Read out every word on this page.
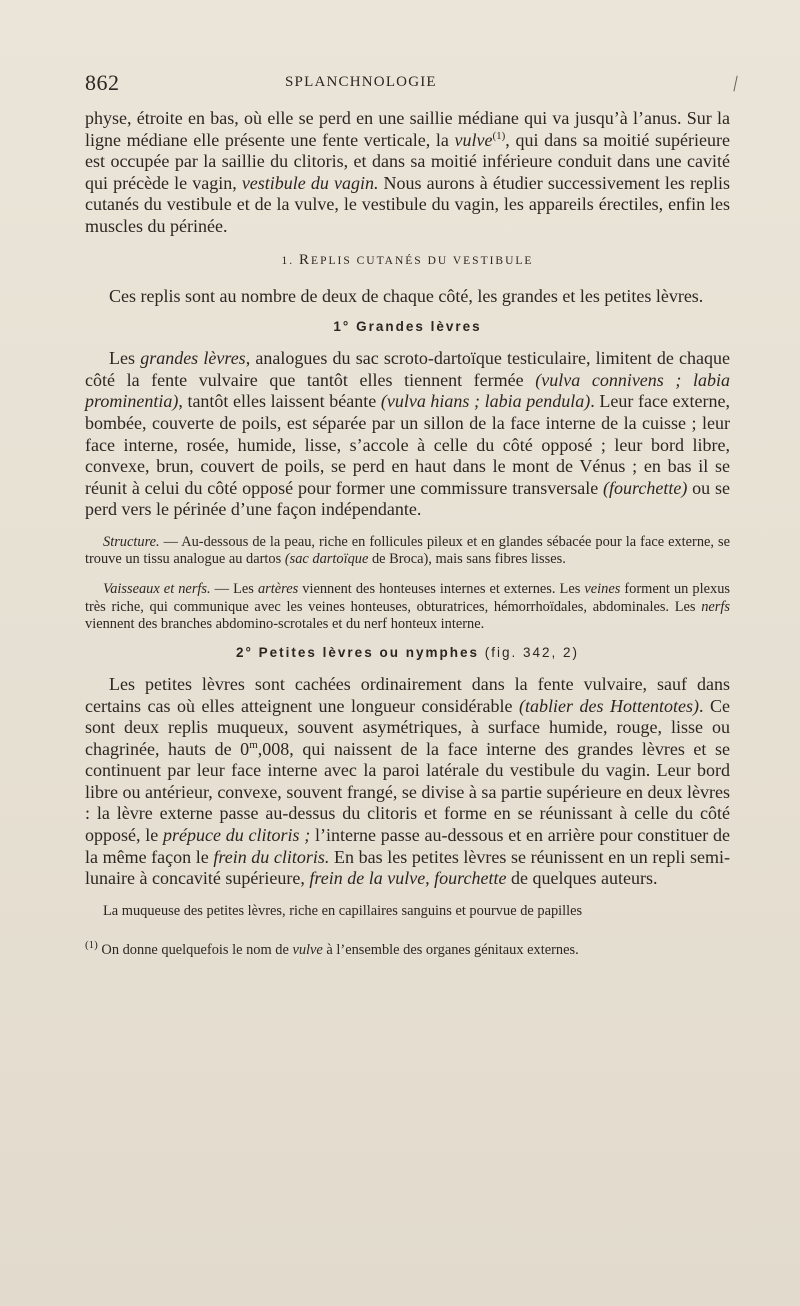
862	SPLANCHNOLOGIE

physe, étroite en bas, où elle se perd en une saillie médiane qui va jusqu’à l’anus. Sur la ligne médiane elle présente une fente verticale, la vulve$^{(1)}$, qui dans sa moitié supérieure est occupée par la saillie du clitoris, et dans sa moitié inférieure conduit dans une cavité qui précède le vagin, vestibule du vagin. Nous aurons à étudier successivement les replis cutanés du vestibule et de la vulve, le vestibule du vagin, les appareils érectiles, enfin les muscles du périnée.

1. REPLIS CUTANÉS DU VESTIBULE

Ces replis sont au nombre de deux de chaque côté, les grandes et les petites lèvres.

1° Grandes lèvres

Les grandes lèvres, analogues du sac scroto-dartoïque testiculaire, limitent de chaque côté la fente vulvaire que tantôt elles tiennent fermée (vulva connivens ; labia prominentia), tantôt elles laissent béante (vulva hians ; labia pendula). Leur face externe, bombée, couverte de poils, est séparée par un sillon de la face interne de la cuisse ; leur face interne, rosée, humide, lisse, s’accole à celle du côté opposé ; leur bord libre, convexe, brun, couvert de poils, se perd en haut dans le mont de Vénus ; en bas il se réunit à celui du côté opposé pour former une commissure transversale (fourchette) ou se perd vers le périnée d’une façon indépendante.

Structure. — Au-dessous de la peau, riche en follicules pileux et en glandes sébacée pour la face externe, se trouve un tissu analogue au dartos (sac dartoïque de Broca), mais sans fibres lisses.

Vaisseaux et nerfs. — Les artères viennent des honteuses internes et externes. Les veines forment un plexus très riche, qui communique avec les veines honteuses, obturatrices, hémorrhoïdales, abdominales. Les nerfs viennent des branches abdomino-scrotales et du nerf honteux interne.

2° Petites lèvres ou nymphes (fig. 342, 2)

Les petites lèvres sont cachées ordinairement dans la fente vulvaire, sauf dans certains cas où elles atteignent une longueur considérable (tablier des Hottentotes). Ce sont deux replis muqueux, souvent asymétriques, à surface humide, rouge, lisse ou chagrinée, hauts de 0$^m$,008, qui naissent de la face interne des grandes lèvres et se continuent par leur face interne avec la paroi latérale du vestibule du vagin. Leur bord libre ou antérieur, convexe, souvent frangé, se divise à sa partie supérieure en deux lèvres : la lèvre externe passe au-dessus du clitoris et forme en se réunissant à celle du côté opposé, le prépuce du clitoris ; l’interne passe au-dessous et en arrière pour constituer de la même façon le frein du clitoris. En bas les petites lèvres se réunissent en un repli semi-lunaire à concavité supérieure, frein de la vulve, fourchette de quelques auteurs.

La muqueuse des petites lèvres, riche en capillaires sanguins et pourvue de papilles

$^{(1)}$ On donne quelquefois le nom de vulve à l’ensemble des organes génitaux externes.
